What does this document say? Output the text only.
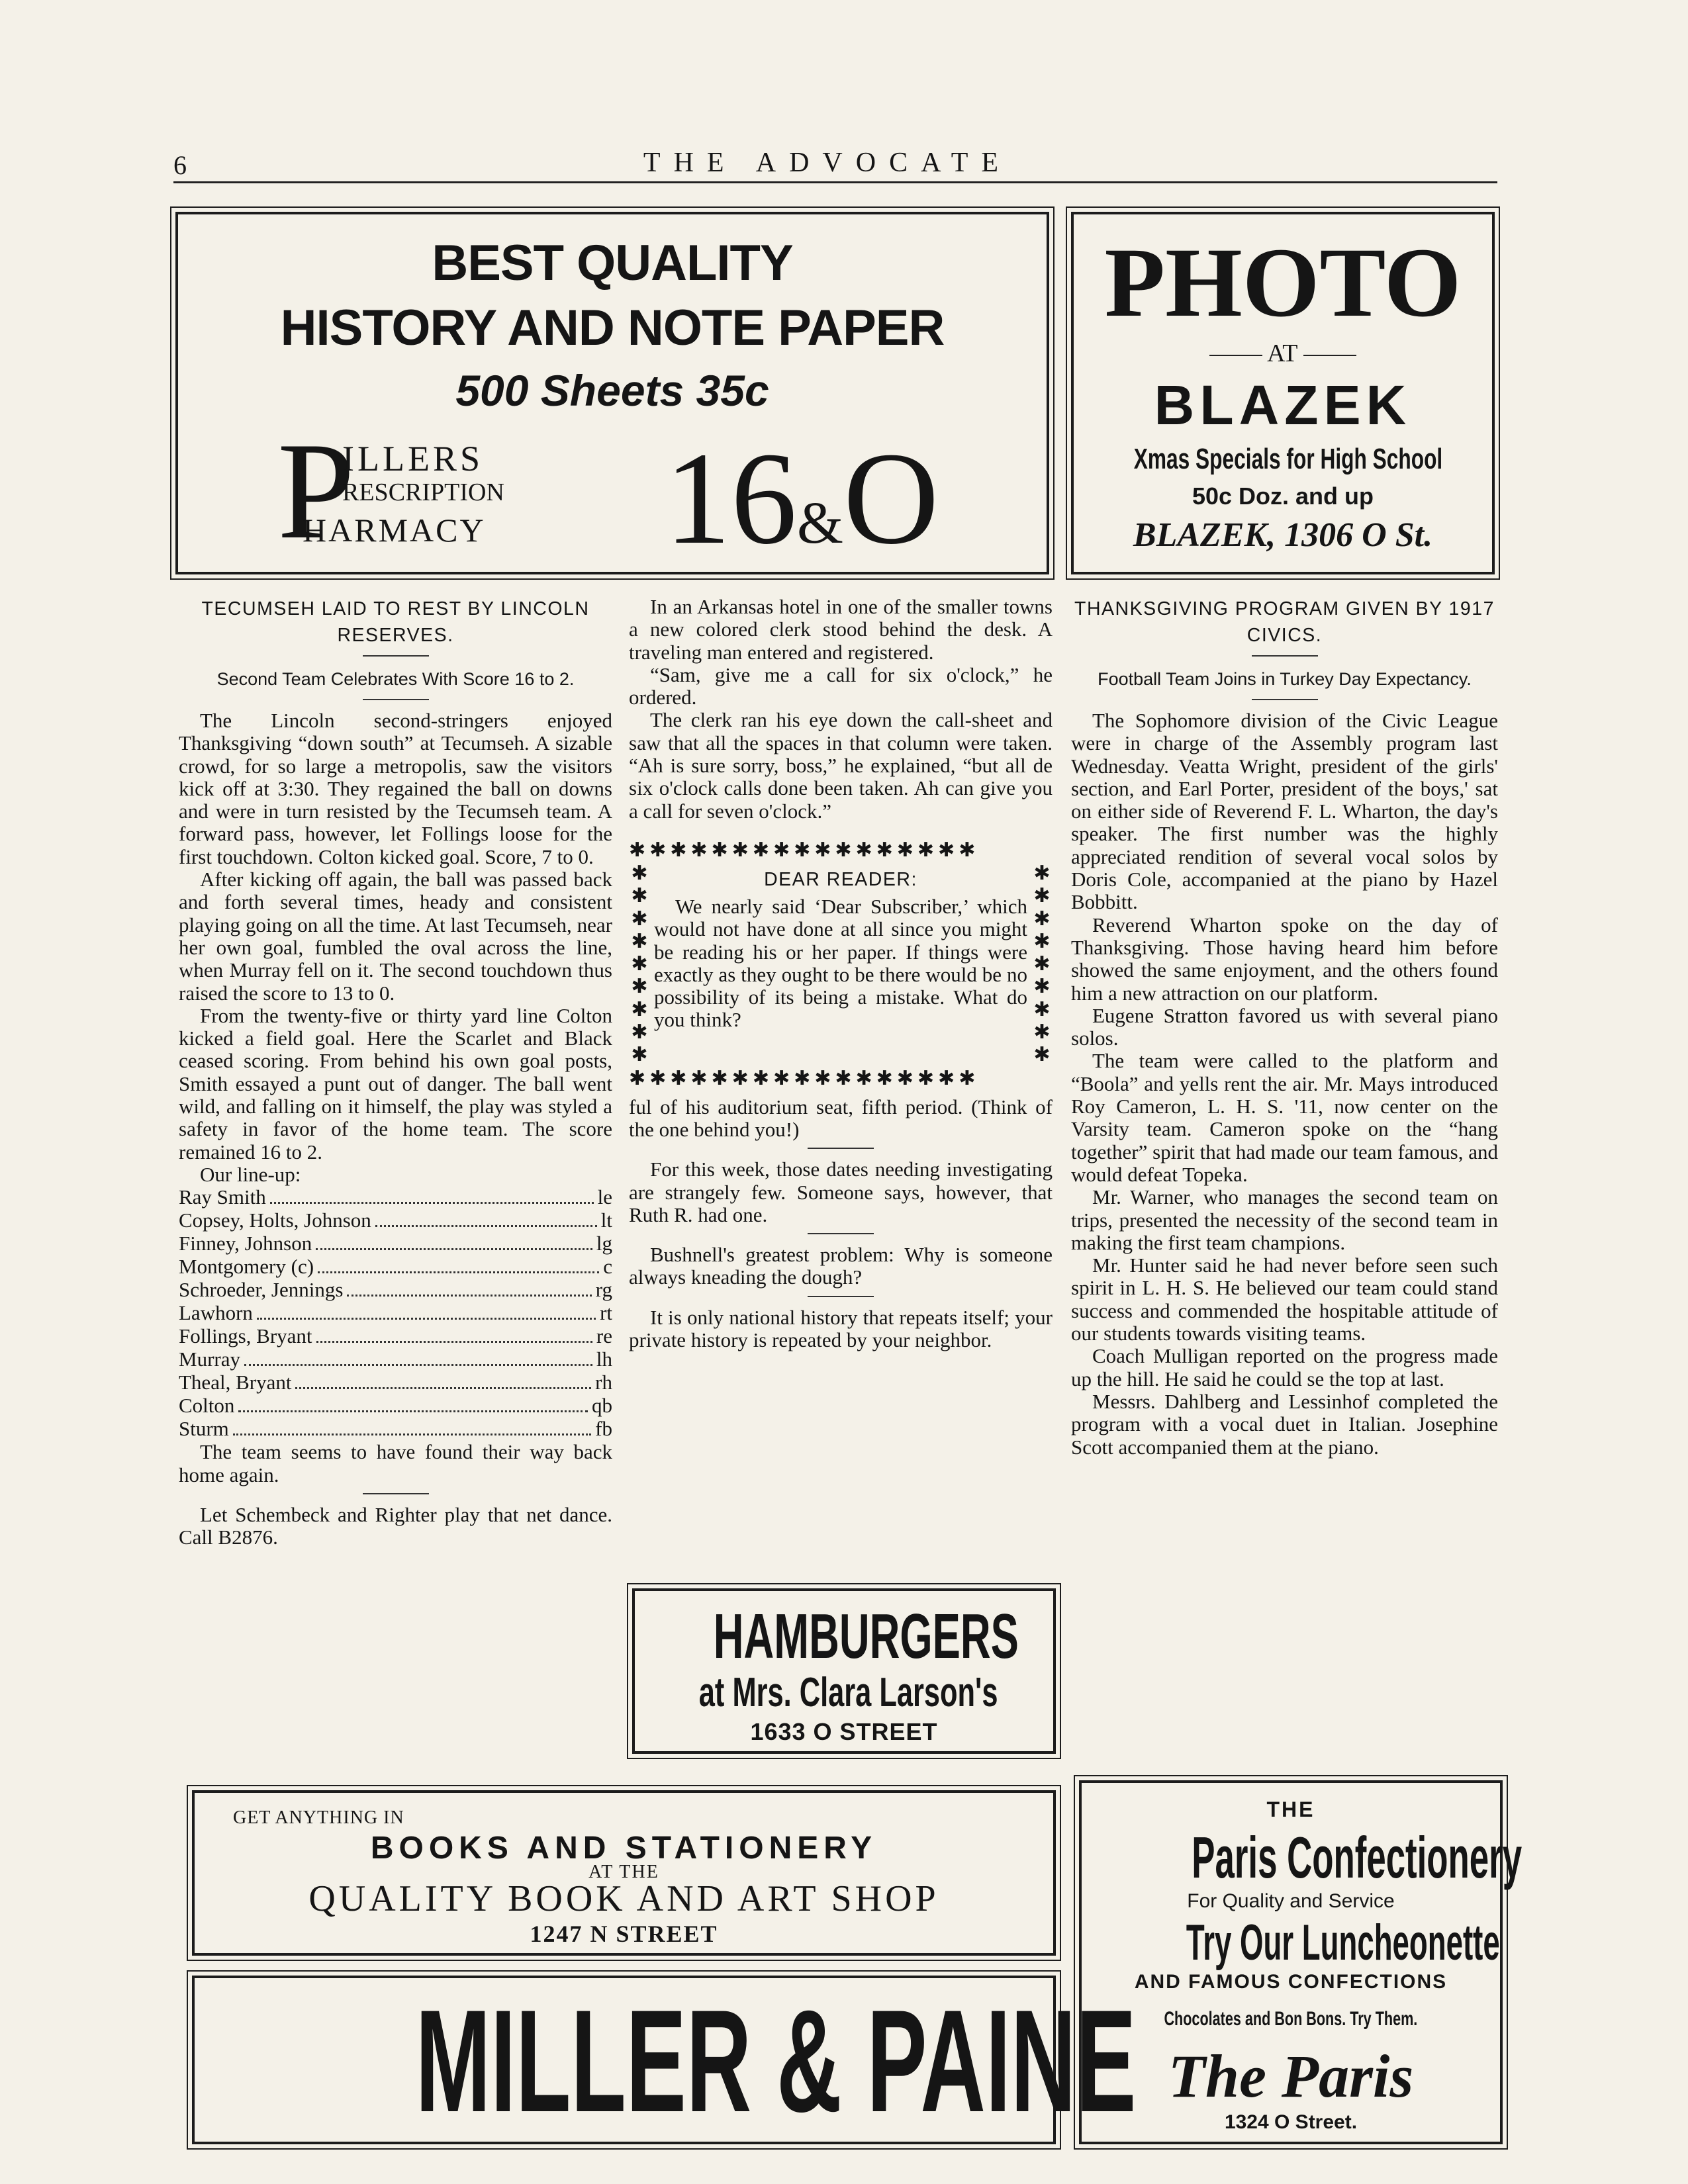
6	THE ADVOCATE
BEST QUALITY
HISTORY AND NOTE PAPER
500 Sheets 35c
P
ILLERS
RESCRIPTION
HARMACY 16&O
PHOTO
AT
BLAZEK
Xmas Specials for High School
50c Doz. and up
BLAZEK, 1306 O St.

TECUMSEH LAID TO REST BY LINCOLN RESERVES.

Second Team Celebrates With Score 16 to 2.

The Lincoln second-stringers enjoyed Thanksgiving “down south” at Tecumseh. A sizable crowd, for so large a metropolis, saw the visitors kick off at 3:30. They regained the ball on downs and were in turn resisted by the Tecumseh team. A forward pass, however, let Follings loose for the first touchdown. Colton kicked goal. Score, 7 to 0.

After kicking off again, the ball was passed back and forth several times, heady and consistent playing going on all the time. At last Tecumseh, near her own goal, fumbled the oval across the line, when Murray fell on it. The second touchdown thus raised the score to 13 to 0.

From the twenty-five or thirty yard line Colton kicked a field goal. Here the Scarlet and Black ceased scoring. From behind his own goal posts, Smith essayed a punt out of danger. The ball went wild, and falling on it himself, the play was styled a safety in favor of the home team. The score remained 16 to 2.

Our line-up:

Ray Smith	le
Copsey, Holts, Johnson	lt
Finney, Johnson	lg
Montgomery (c)	c
Schroeder, Jennings	rg
Lawhorn	rt
Follings, Bryant	re
Murray	lh
Theal, Bryant	rh
Colton	qb
Sturm	fb

The team seems to have found their way back home again.

Let Schembeck and Righter play that net dance. Call B2876.

In an Arkansas hotel in one of the smaller towns a new colored clerk stood behind the desk. A traveling man entered and registered.

“Sam, give me a call for six o'clock,” he ordered.

The clerk ran his eye down the call-sheet and saw that all the spaces in that column were taken. “Ah is sure sorry, boss,” he explained, “but all de six o'clock calls done been taken. Ah can give you a call for seven o'clock.”

✱✱✱✱✱✱✱✱✱✱✱✱✱✱✱✱✱
✱
✱
✱
✱
✱
✱
✱
✱
✱

DEAR READER:

We nearly said ‘Dear Subscriber,’ which would not have done at all since you might be reading his or her paper. If things were exactly as they ought to be there would be no possibility of its being a mistake. What do you think?

✱
✱
✱
✱
✱
✱
✱
✱
✱
✱✱✱✱✱✱✱✱✱✱✱✱✱✱✱✱✱

ful of his auditorium seat, fifth period. (Think of the one behind you!)

For this week, those dates needing investigating are strangely few. Someone says, however, that Ruth R. had one.

Bushnell's greatest problem: Why is someone always kneading the dough?

It is only national history that repeats itself; your private history is repeated by your neighbor.

THANKSGIVING PROGRAM GIVEN BY 1917 CIVICS.

Football Team Joins in Turkey Day Expectancy.

The Sophomore division of the Civic League were in charge of the Assembly program last Wednesday. Veatta Wright, president of the girls' section, and Earl Porter, president of the boys,' sat on either side of Reverend F. L. Wharton, the day's speaker. The first number was the highly appreciated rendition of several vocal solos by Doris Cole, accompanied at the piano by Hazel Bobbitt.

Reverend Wharton spoke on the day of Thanksgiving. Those having heard him before showed the same enjoyment, and the others found him a new attraction on our platform.

Eugene Stratton favored us with several piano solos.

The team were called to the platform and “Boola” and yells rent the air. Mr. Mays introduced Roy Cameron, L. H. S. '11, now center on the Varsity team. Cameron spoke on the “hang together” spirit that had made our team famous, and would defeat Topeka.

Mr. Warner, who manages the second team on trips, presented the necessity of the second team in making the first team champions.

Mr. Hunter said he had never before seen such spirit in L. H. S. He believed our team could stand success and commended the hospitable attitude of our students towards visiting teams.

Coach Mulligan reported on the progress made up the hill. He said he could se the top at last.

Messrs. Dahlberg and Lessinhof completed the program with a vocal duet in Italian. Josephine Scott accompanied them at the piano.

HAMBURGERS
at Mrs. Clara Larson's
1633 O STREET
GET ANYTHING IN
BOOKS AND STATIONERY
AT THE
QUALITY BOOK AND ART SHOP
1247 N STREET
MILLER & PAINE
THE
Paris Confectionery
For Quality and Service
Try Our Luncheonette
AND FAMOUS CONFECTIONS
Chocolates and Bon Bons. Try Them.
The Paris
1324 O Street.
